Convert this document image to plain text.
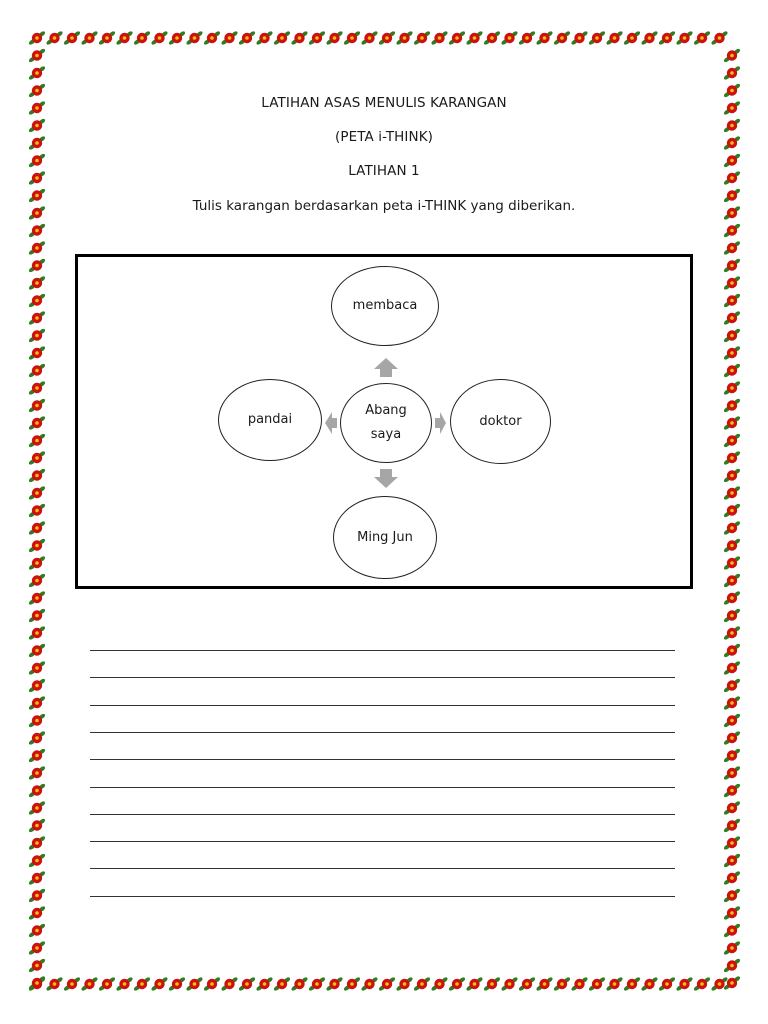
LATIHAN ASAS MENULIS KARANGAN

(PETA i-THINK)

LATIHAN 1

Tulis karangan berdasarkan peta i-THINK yang diberikan.

membaca
pandai
Abang
saya
doktor
Ming Jun
